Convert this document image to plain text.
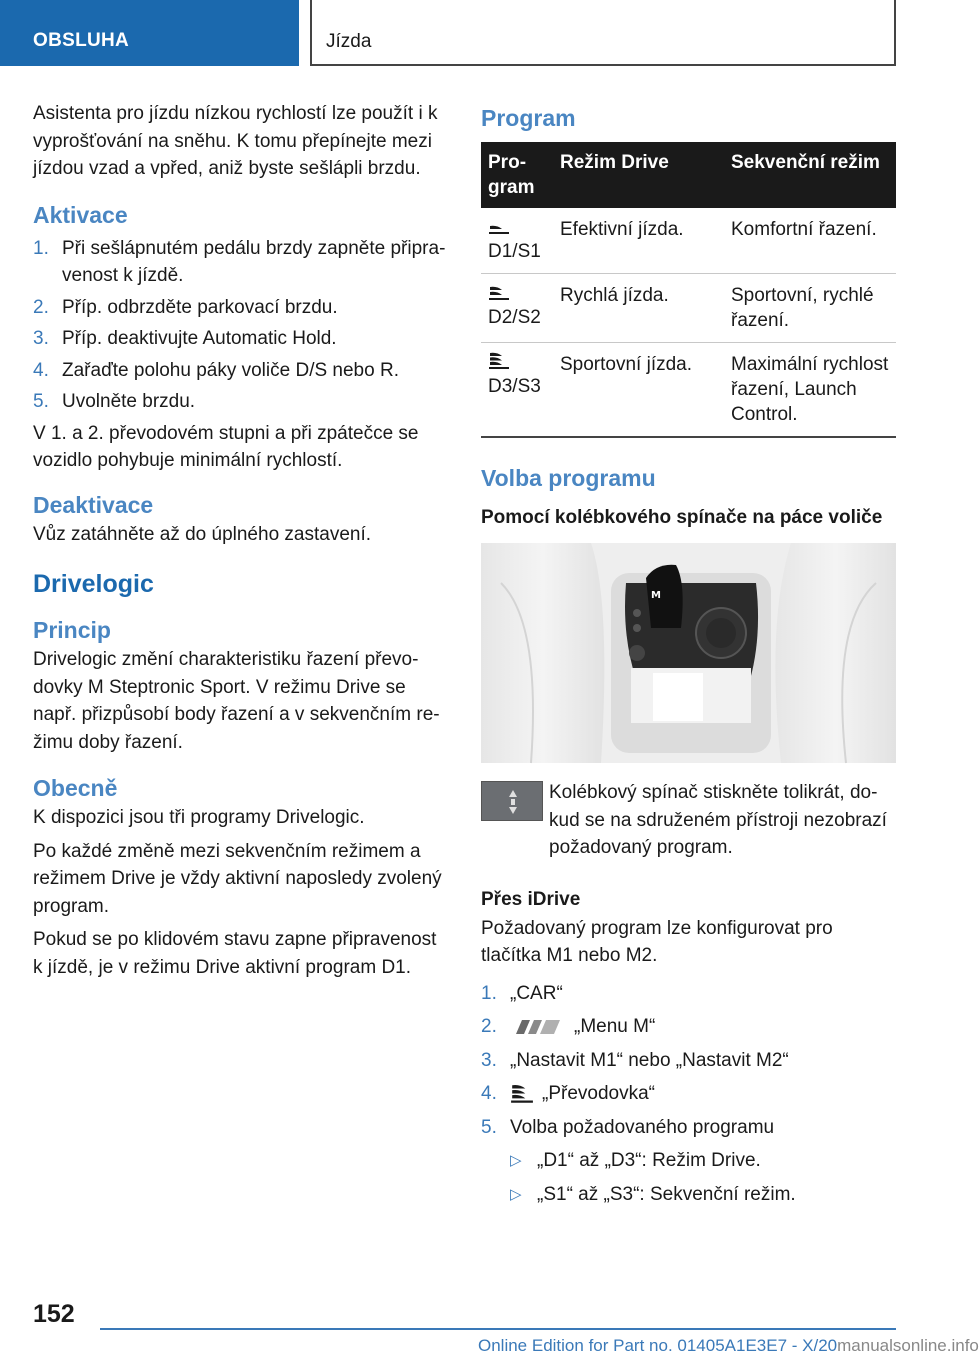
OBSLUHA	Jízda

Asistenta pro jízdu nízkou rychlostí lze použít i k vyprošťování na sněhu. K tomu přepínejte mezi jízdou vzad a vpřed, aniž byste sešlápli brzdu.

Aktivace
1. Při sešlápnutém pedálu brzdy zapněte připravenost k jízdě.
2. Příp. odbrzděte parkovací brzdu.
3. Příp. deaktivujte Automatic Hold.
4. Zařaďte polohu páky voliče D/S nebo R.
5. Uvolněte brzdu.

V 1. a 2. převodovém stupni a při zpátečce se vozidlo pohybuje minimální rychlostí.

Deaktivace

Vůz zatáhněte až do úplného zastavení.

Drivelogic
Princip

Drivelogic změní charakteristiku řazení převodovky M Steptronic Sport. V režimu Drive se např. přizpůsobí body řazení a v sekvenčním režimu doby řazení.

Obecně

K dispozici jsou tři programy Drivelogic.

Po každé změně mezi sekvenčním režimem a režimem Drive je vždy aktivní naposledy zvolený program.

Pokud se po klidovém stavu zapne připravenost k jízdě, je v režimu Drive aktivní program D1.

Program
Program	Režim Drive	Sekvenční režim

D1/S1	Efektivní jízda.	Komfortní řazení.

D2/S2	Rychlá jízda.	Sportovní, rychlé řazení.

D3/S3	Sportovní jízda.	Maximální rychlost řazení, Launch Control.
Volba programu
Pomocí kolébkového spínače na páce voliče
M

Kolébkový spínač stiskněte tolikrát, dokud se na sdruženém přístroji nezobrazí požadovaný program.

Přes iDrive

Požadovaný program lze konfigurovat pro tlačítka M1 nebo M2.

1. „CAR“
2.	„Menu M“
3. „Nastavit M1“ nebo „Nastavit M2“
4. „Převodovka“
5. Volba požadovaného programu
▷ „D1“ až „D3“: Režim Drive.
▷ „S1“ až „S3“: Sekvenční režim.
152
Online Edition for Part no. 01405A1E3E7 - X/20manualsonline.info
